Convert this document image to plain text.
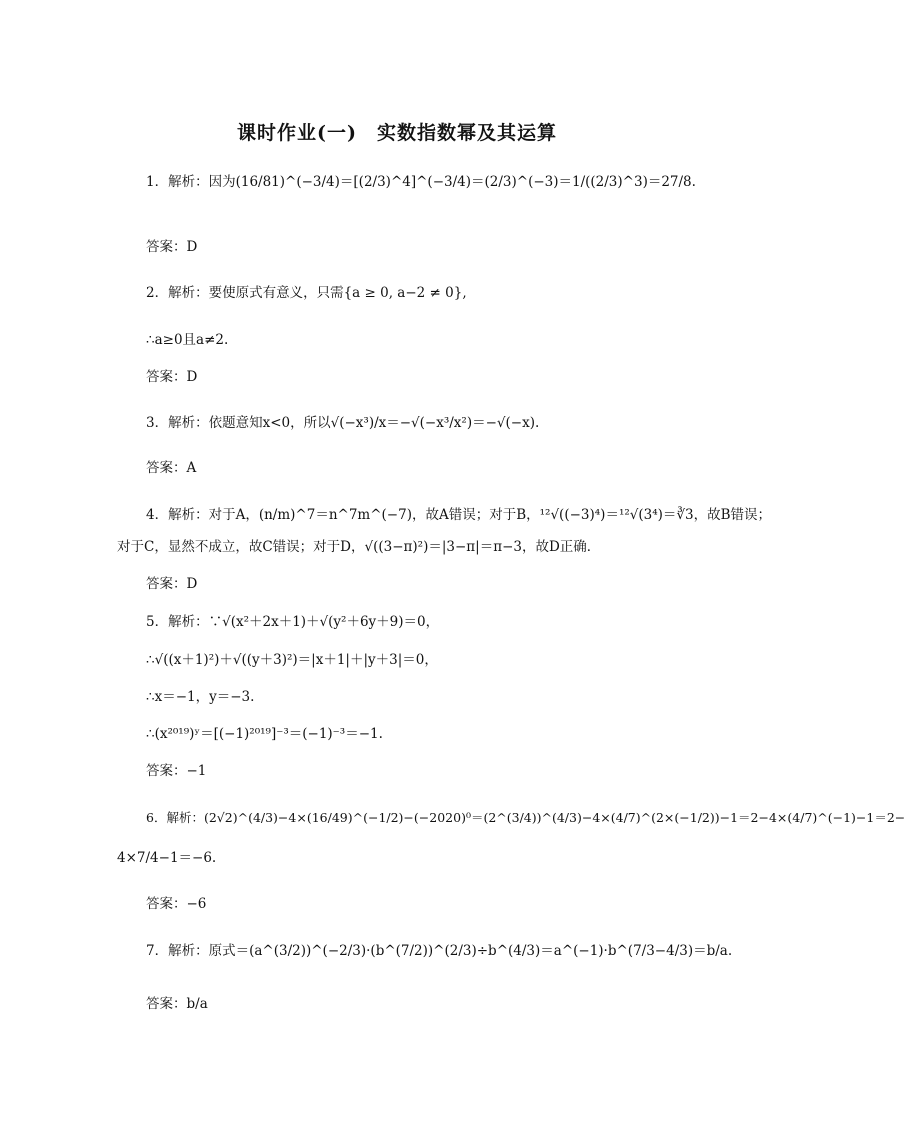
课时作业(一)　实数指数幂及其运算
1．解析：因为(16/81)^(−3/4)＝[(2/3)^4]^(−3/4)＝(2/3)^(−3)＝1/((2/3)^3)＝27/8.
答案：D
2．解析：要使原式有意义，只需{a ≥ 0, a−2 ≠ 0},
∴a≥0且a≠2.
答案：D
3．解析：依题意知x<0，所以√(−x³)/x＝−√(−x³/x²)＝−√(−x).
答案：A
4．解析：对于A，(n/m)^7＝n^7m^(−7)，故A错误；对于B，¹²√((−3)⁴)＝¹²√(3⁴)＝∛3，故B错误；
对于C，显然不成立，故C错误；对于D，√((3−π)²)＝|3−π|＝π−3，故D正确．
答案：D
5．解析：∵√(x²＋2x＋1)＋√(y²＋6y＋9)＝0，
∴√((x＋1)²)＋√((y＋3)²)＝|x＋1|＋|y＋3|＝0，
∴x＝−1，y＝−3.
∴(x²⁰¹⁹)ʸ＝[(−1)²⁰¹⁹]⁻³＝(−1)⁻³＝−1.
答案：−1
6．解析：(2√2)^(4/3)−4×(16/49)^(−1/2)−(−2020)⁰＝(2^(3/4))^(4/3)−4×(4/7)^(2×(−1/2))−1＝2−4×(4/7)^(−1)−1＝2−
4×7/4−1＝−6.
答案：−6
7．解析：原式＝(a^(3/2))^(−2/3)·(b^(7/2))^(2/3)÷b^(4/3)＝a^(−1)·b^(7/3−4/3)＝b/a.
答案：b/a
